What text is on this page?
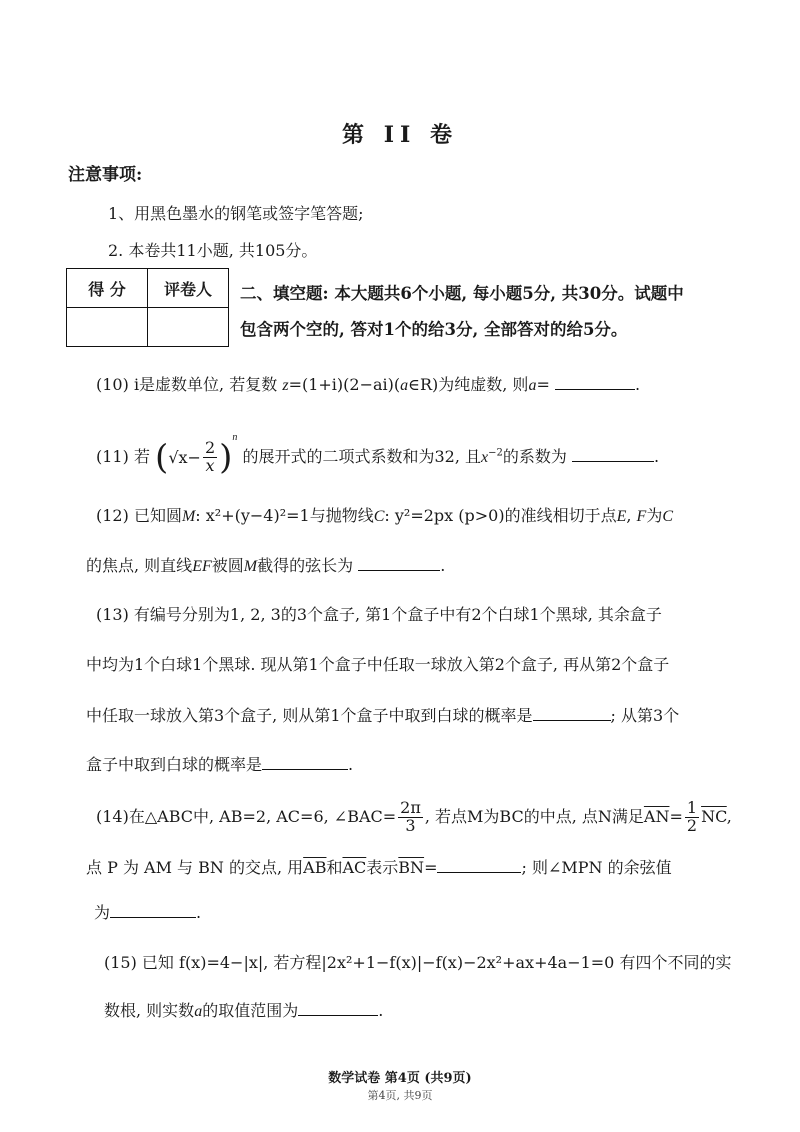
第 II 卷
注意事项:
1、用黑色墨水的钢笔或签字笔答题;
2. 本卷共11小题, 共105分。
得 分	评卷人
	二、填空题: 本大题共6个小题, 每小题5分, 共30分。试题中
包含两个空的, 答对1个的给3分, 全部答对的给5分。
(10) i是虚数单位, 若复数 z=(1+i)(2−ai)(a∈R)为纯虚数, 则a=	.
(11) 若 $(√x- \frac{2}{x} )^n$ 的展开式的二项式系数和为32, 且$x^{-2}$的系数为	.
(12) 已知圆M: x²+(y−4)²=1与抛物线C: y²=2px (p>0)的准线相切于点E, F为C
的焦点, 则直线EF被圆M截得的弦长为	.
(13) 有编号分别为1, 2, 3的3个盒子, 第1个盒子中有2个白球1个黑球, 其余盒子
中均为1个白球1个黑球. 现从第1个盒子中任取一球放入第2个盒子, 再从第2个盒子
中任取一球放入第3个盒子, 则从第1个盒子中取到白球的概率是	; 从第3个
盒子中取到白球的概率是	.
(14)在△ABC中, AB=2, AC=6, ∠BAC= $\frac{2\pi}{3}$ , 若点M为BC的中点, 点N满足$\overline{AN}= \frac{1}{2} \overline{NC}$,
点 P 为 AM 与 BN 的交点, 用$\overline{AB}$和$\overline{AC}$表示$\overline{BN}=$	; 则∠MPN 的余弦值
为	.
(15) 已知 f(x)=4−|x|, 若方程|2x²+1−f(x)|−f(x)−2x²+ax+4a−1=0 有四个不同的实
数根, 则实数a的取值范围为	.
数学试卷 第4页 (共9页)
第4页, 共9页
